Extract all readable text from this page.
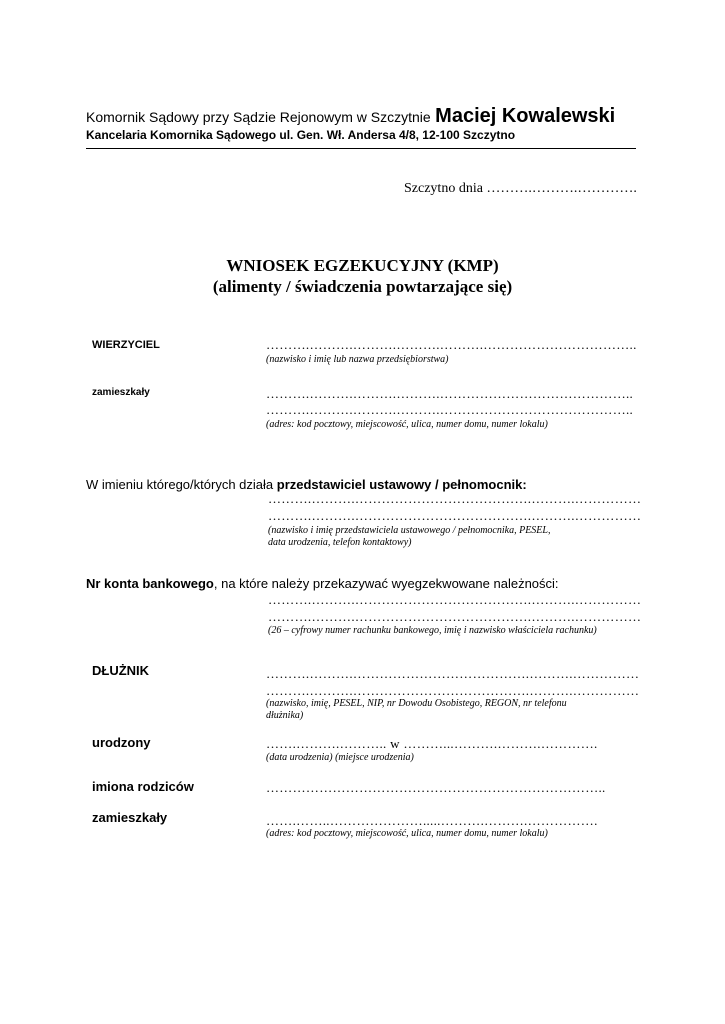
Komornik Sądowy przy Sądzie Rejonowym w Szczytnie Maciej Kowalewski
Kancelaria Komornika Sądowego ul. Gen. Wł. Andersa 4/8, 12-100 Szczytno
Szczytno dnia ……….……….………….
WNIOSEK EGZEKUCYJNY (KMP)
(alimenty / świadczenia powtarzające się)
WIERZYCIEL	……….……….……….……….……….……………………………..
(nazwisko i imię lub nazwa przedsiębiorstwa)
zamieszkały	……….……….……….……….……………………………………..
……….……….……….……….……………………………………..
(adres: kod pocztowy, miejscowość, ulica, numer domu, numer lokalu)
W imieniu którego/których działa przedstawiciel ustawowy / pełnomocnik:
……….……….………………………………….……….……………
……….……….………………………………….……….……………
(nazwisko i imię przedstawiciela ustawowego / pełnomocnika, PESEL,
data urodzenia, telefon kontaktowy)
Nr konta bankowego, na które należy przekazywać wyegzekwowane należności:
……….……….………………………………….……….……………
……….……….………………………………….……….……………
(26 – cyfrowy numer rachunku bankowego, imię i nazwisko właściciela rachunku)
DŁUŻNIK	……….……….………………………………….……….……………
……….……….………………………………….……….……………
(nazwisko, imię, PESEL, NIP, nr Dowodu Osobistego, REGON, nr telefonu
dłużnika)
urodzony	…….……….……….. w ………...……….……….………….
(data urodzenia) (miejsce urodzenia)
imiona rodziców	…………………………………………………………………..
zamieszkały	…….……..………………….....……….……….…………….
(adres: kod pocztowy, miejscowość, ulica, numer domu, numer lokalu)
